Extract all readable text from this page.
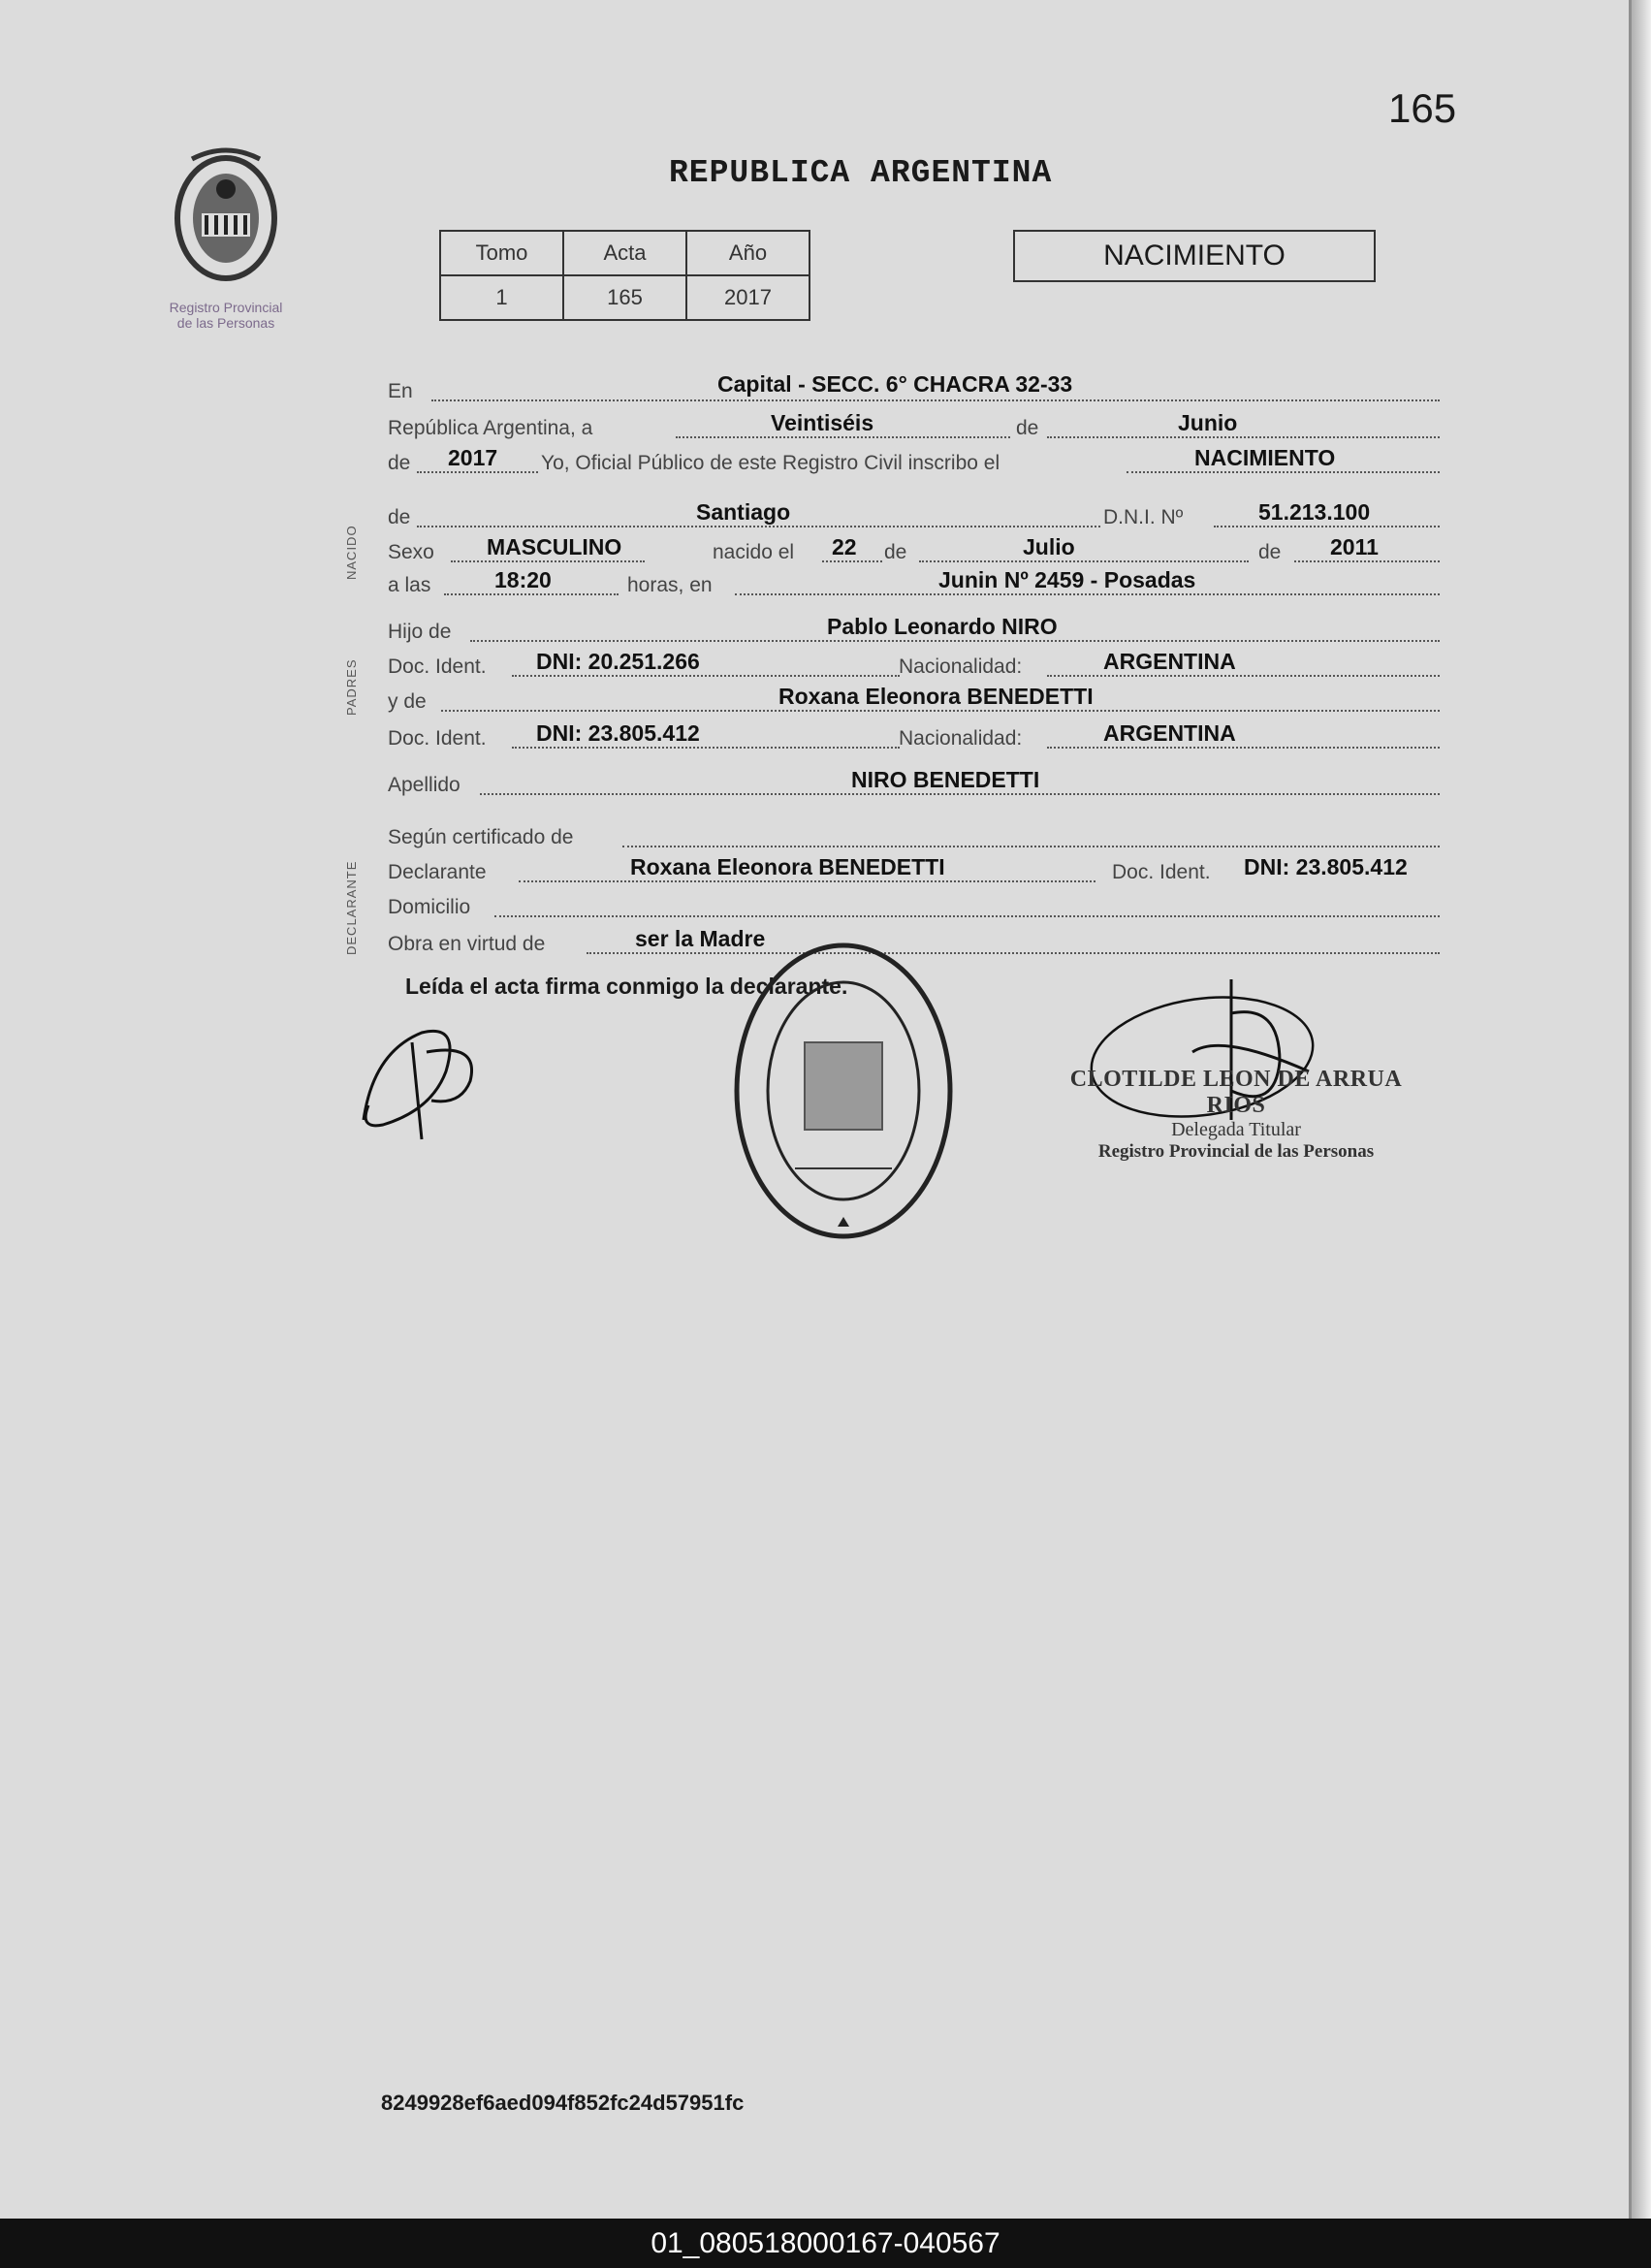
165
Registro Provincial
de las Personas
REPUBLICA ARGENTINA
Tomo	Acta	Año
1	165	2017
NACIMIENTO
NACIDO
PADRES
DECLARANTE
En	Capital - SECC. 6° CHACRA 32-33
República Argentina, a	Veintiséis	de	Junio
de 2017 Yo, Oficial Público de este Registro Civil inscribo el	NACIMIENTO
de	Santiago	D.N.I. Nº	51.213.100
Sexo MASCULINO	nacido el 22 de	Julio	de 2011
a las	18:20	horas, en	Junin Nº 2459 - Posadas
Hijo de	Pablo Leonardo NIRO
Doc. Ident. DNI: 20.251.266	Nacionalidad:	ARGENTINA
y de	Roxana Eleonora BENEDETTI
Doc. Ident. DNI: 23.805.412	Nacionalidad:	ARGENTINA
Apellido	NIRO BENEDETTI
Según certificado de
Declarante	Roxana Eleonora BENEDETTI	Doc. Ident. DNI: 23.805.412
Domicilio
Obra en virtud de	ser la Madre
Leída el acta firma conmigo la declarante.
CLOTILDE LEON DE ARRUA RIOS
Delegada Titular
Registro Provincial de las Personas
8249928ef6aed094f852fc24d57951fc
01_080518000167-040567
